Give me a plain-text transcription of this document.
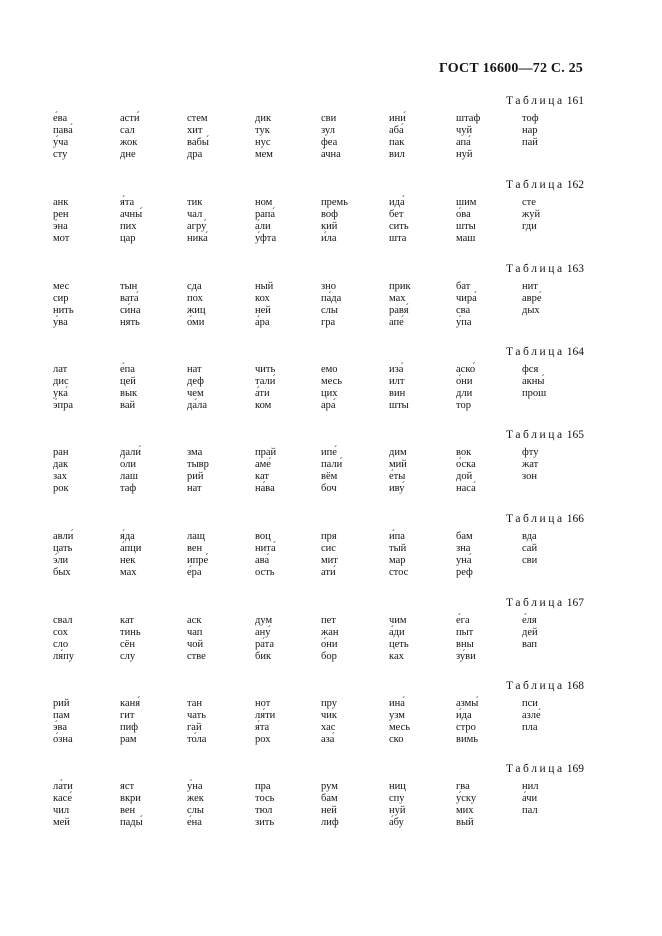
ГОСТ 16600—72 С. 25
Таблица 161
е́ва
пава́
у́ча
сту
асти́
сал
жок
дне
стем
хит
вабы́
дра
дик
тук
нус
мем
сви
зул
феа
а́чна
ини́
аба́
пак
вил
штаф
чуй
апа́
нуй
тоф
нар
пай
Таблица 162
анк
рен
э́на
мот
я́та
ачны́
пих
цар
тик
чал
агру́
ника́
ном
рапа́
а́ли
у́фта
премь
воф
кий
и́ла
ида́
бет
сить
шта
шим
о́ва
шты
маш
сте
жуй
гди
Таблица 163
мес
сир
нить
у́ва
тын
вата́
си́на
нять
сда
пох
жиц
о́ми
ный
кох
ней
а́ра
зно
па́да
слы
гра
прик
мах
равя́
апе́
бат
чира́
сва
у́па
нит
авре́
дых
Таблица 164
лат
дис
ука́
э́пра
е́па
цей
вык
вай
нат
деф
чем
да́ла
чить
тали́
а́ти
ком
емо
месь
цих
ара́
иза́
илт
вин
шты
аско́
о́ни
дли
тор
фся
акны́
прош
Таблица 165
ран
дак
зах
рок
дали́
о́ли
лаш
таф
зма
тывр
рий
нат
прай
аме́
кат
на́ва
ипе́
пали́
вём
боч
дим
мий
е́ты
иву́
вок
о́ска
дой
наса́
фту
жат
зон
Таблица 166
авли́
цать
э́ли
быx
я́да
а́пци
нек
мах
лащ
вен
ипре́
е́ра
воц
нита́
ава́
ость
пря
сис
мит
ати́
и́па
тый
мар
стос
бам
зна
уна́
реф
вда
сай
сви
Таблица 167
свал
сох
сло
ля́пу
кат
тинь
сён
слу
аск
чап
чой
стве
дум
ану́
ра́та
бик
пет
жан
о́ни
бор
чим
а́ди
цеть
ках
е́га
пыт
вны
зу́ви
е́ля
дей
вап
Таблица 168
рий
пам
э́ва
о́зна
каня́
гит
пиф
рам
тан
чать
гай
то́ла
нот
ля́ти
я́та
рох
пру
чик
хас
аза́
ина́
узм
месь
ско
азмы́
и́да
стро
вимь
пси
азле́
пла
Таблица 169
ла́ти
касе́
чил
мей
яст
вкри
вен
пады́
у́на
жек
слы
е́на
пра
тось
тюл
зить
рум
бам
ней
лиф
ниц
спу
нуй
а́бу
гва
у́ску
мих
вый
нил
а́чи
пал
